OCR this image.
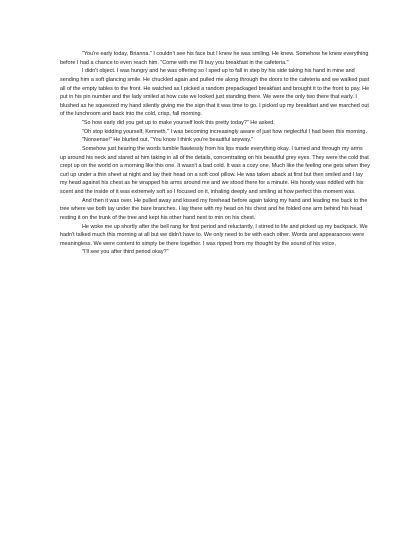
"You're early today, Brianna." I couldn't see his face but I knew he was smiling. He knew. Somehow he knew everything before I had a chance to even reach him. "Come with me I'll buy you breakfast in the cafeteria."

I didn't object. I was hungry and he was offering so I sped up to fall in step by his side taking his hand in mine and sending him a soft glancing smile. He chuckled again and pulled me along through the doors to the cafeteria and we walked past all of the empty tables to the front. He watched as I picked a random prepackaged breakfast and brought it to the front to pay. He put in his pin number and the lady smiled at how cute we looked just standing there. We were the only two there that early. I blushed as he squeezed my hand silently giving me the sign that it was time to go. I picked up my breakfast and we marched out of the lunchroom and back into the cold, crisp, fall morning.

"So how early did you get up to make yourself look this pretty today?" He asked.

"Oh stop kidding yourself, Kenneth." I was becoming increasingly aware of just how neglectful I had been this morning.

"Nonsense!" He blurted out, "You know I think you're beautiful anyway."

Somehow just hearing the words tumble flawlessly from his lips made everything okay. I turned and through my arms up around his neck and stared at him taking in all of the details, concentrating on his beautiful grey eyes. They were the cold that crept up on the world on a morning like this one. It wasn't a bad cold. It was a cozy one. Much like the feeling one gets when they curl up under a thin sheet at night and lay their head on a soft cool pillow. He was taken aback at first but then smiled and I lay my head against his chest as he wrapped his arms around me and we stood there for a minute. His hoody was riddled with his scent and the inside of it was extremely soft so I focused on it, inhaling deeply and smiling at how perfect this moment was.

And then it was over. He pulled away and kissed my forehead before again taking my hand and leading me back to the tree where we both lay under the bare branches. I lay there with my head on his chest and he folded one arm behind his head resting it on the trunk of the tree and kept his other hand next to min on his chest.

He woke me up shortly after the bell rang for first period and reluctantly, I stirred to life and picked up my backpack. We hadn't talked much this morning at all but we didn't have to. We only need to be with each other. Words and appearances were meaningless. We were content to simply be there together. I was ripped from my thought by the sound of his voice,

"I'll see you after third period okay?"
